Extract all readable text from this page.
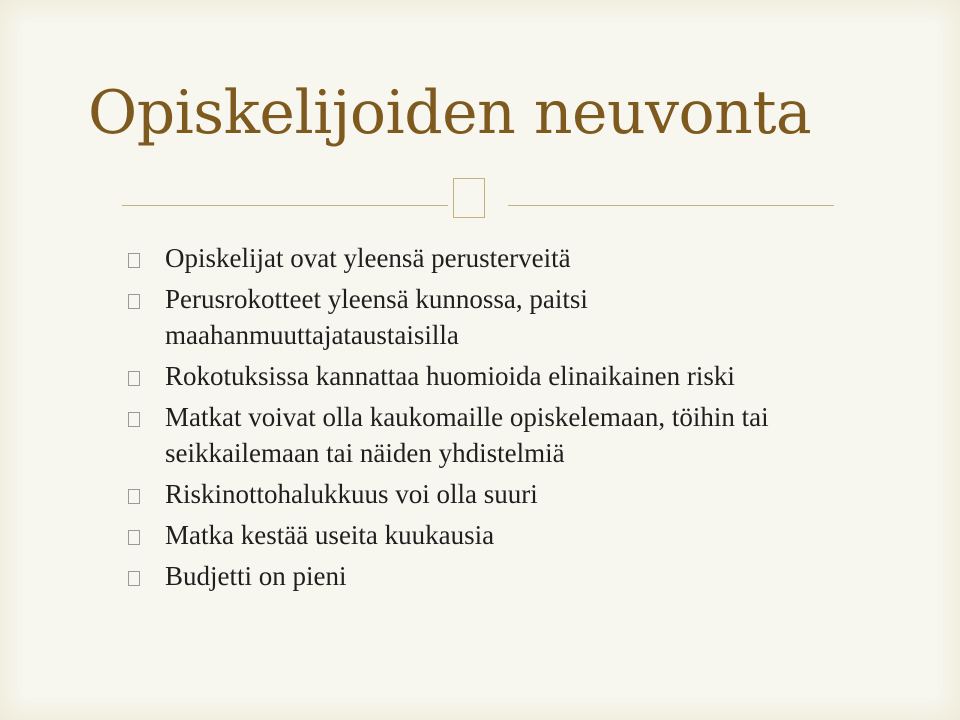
Opiskelijoiden neuvonta
Opiskelijat ovat yleensä perusterveitä
Perusrokotteet yleensä kunnossa, paitsi maahanmuuttajataustaisilla
Rokotuksissa kannattaa huomioida elinaikainen riski
Matkat voivat olla kaukomaille opiskelemaan, töihin tai seikkailemaan tai näiden yhdistelmiä
Riskinottohalukkuus voi olla suuri
Matka kestää useita kuukausia
Budjetti on pieni
